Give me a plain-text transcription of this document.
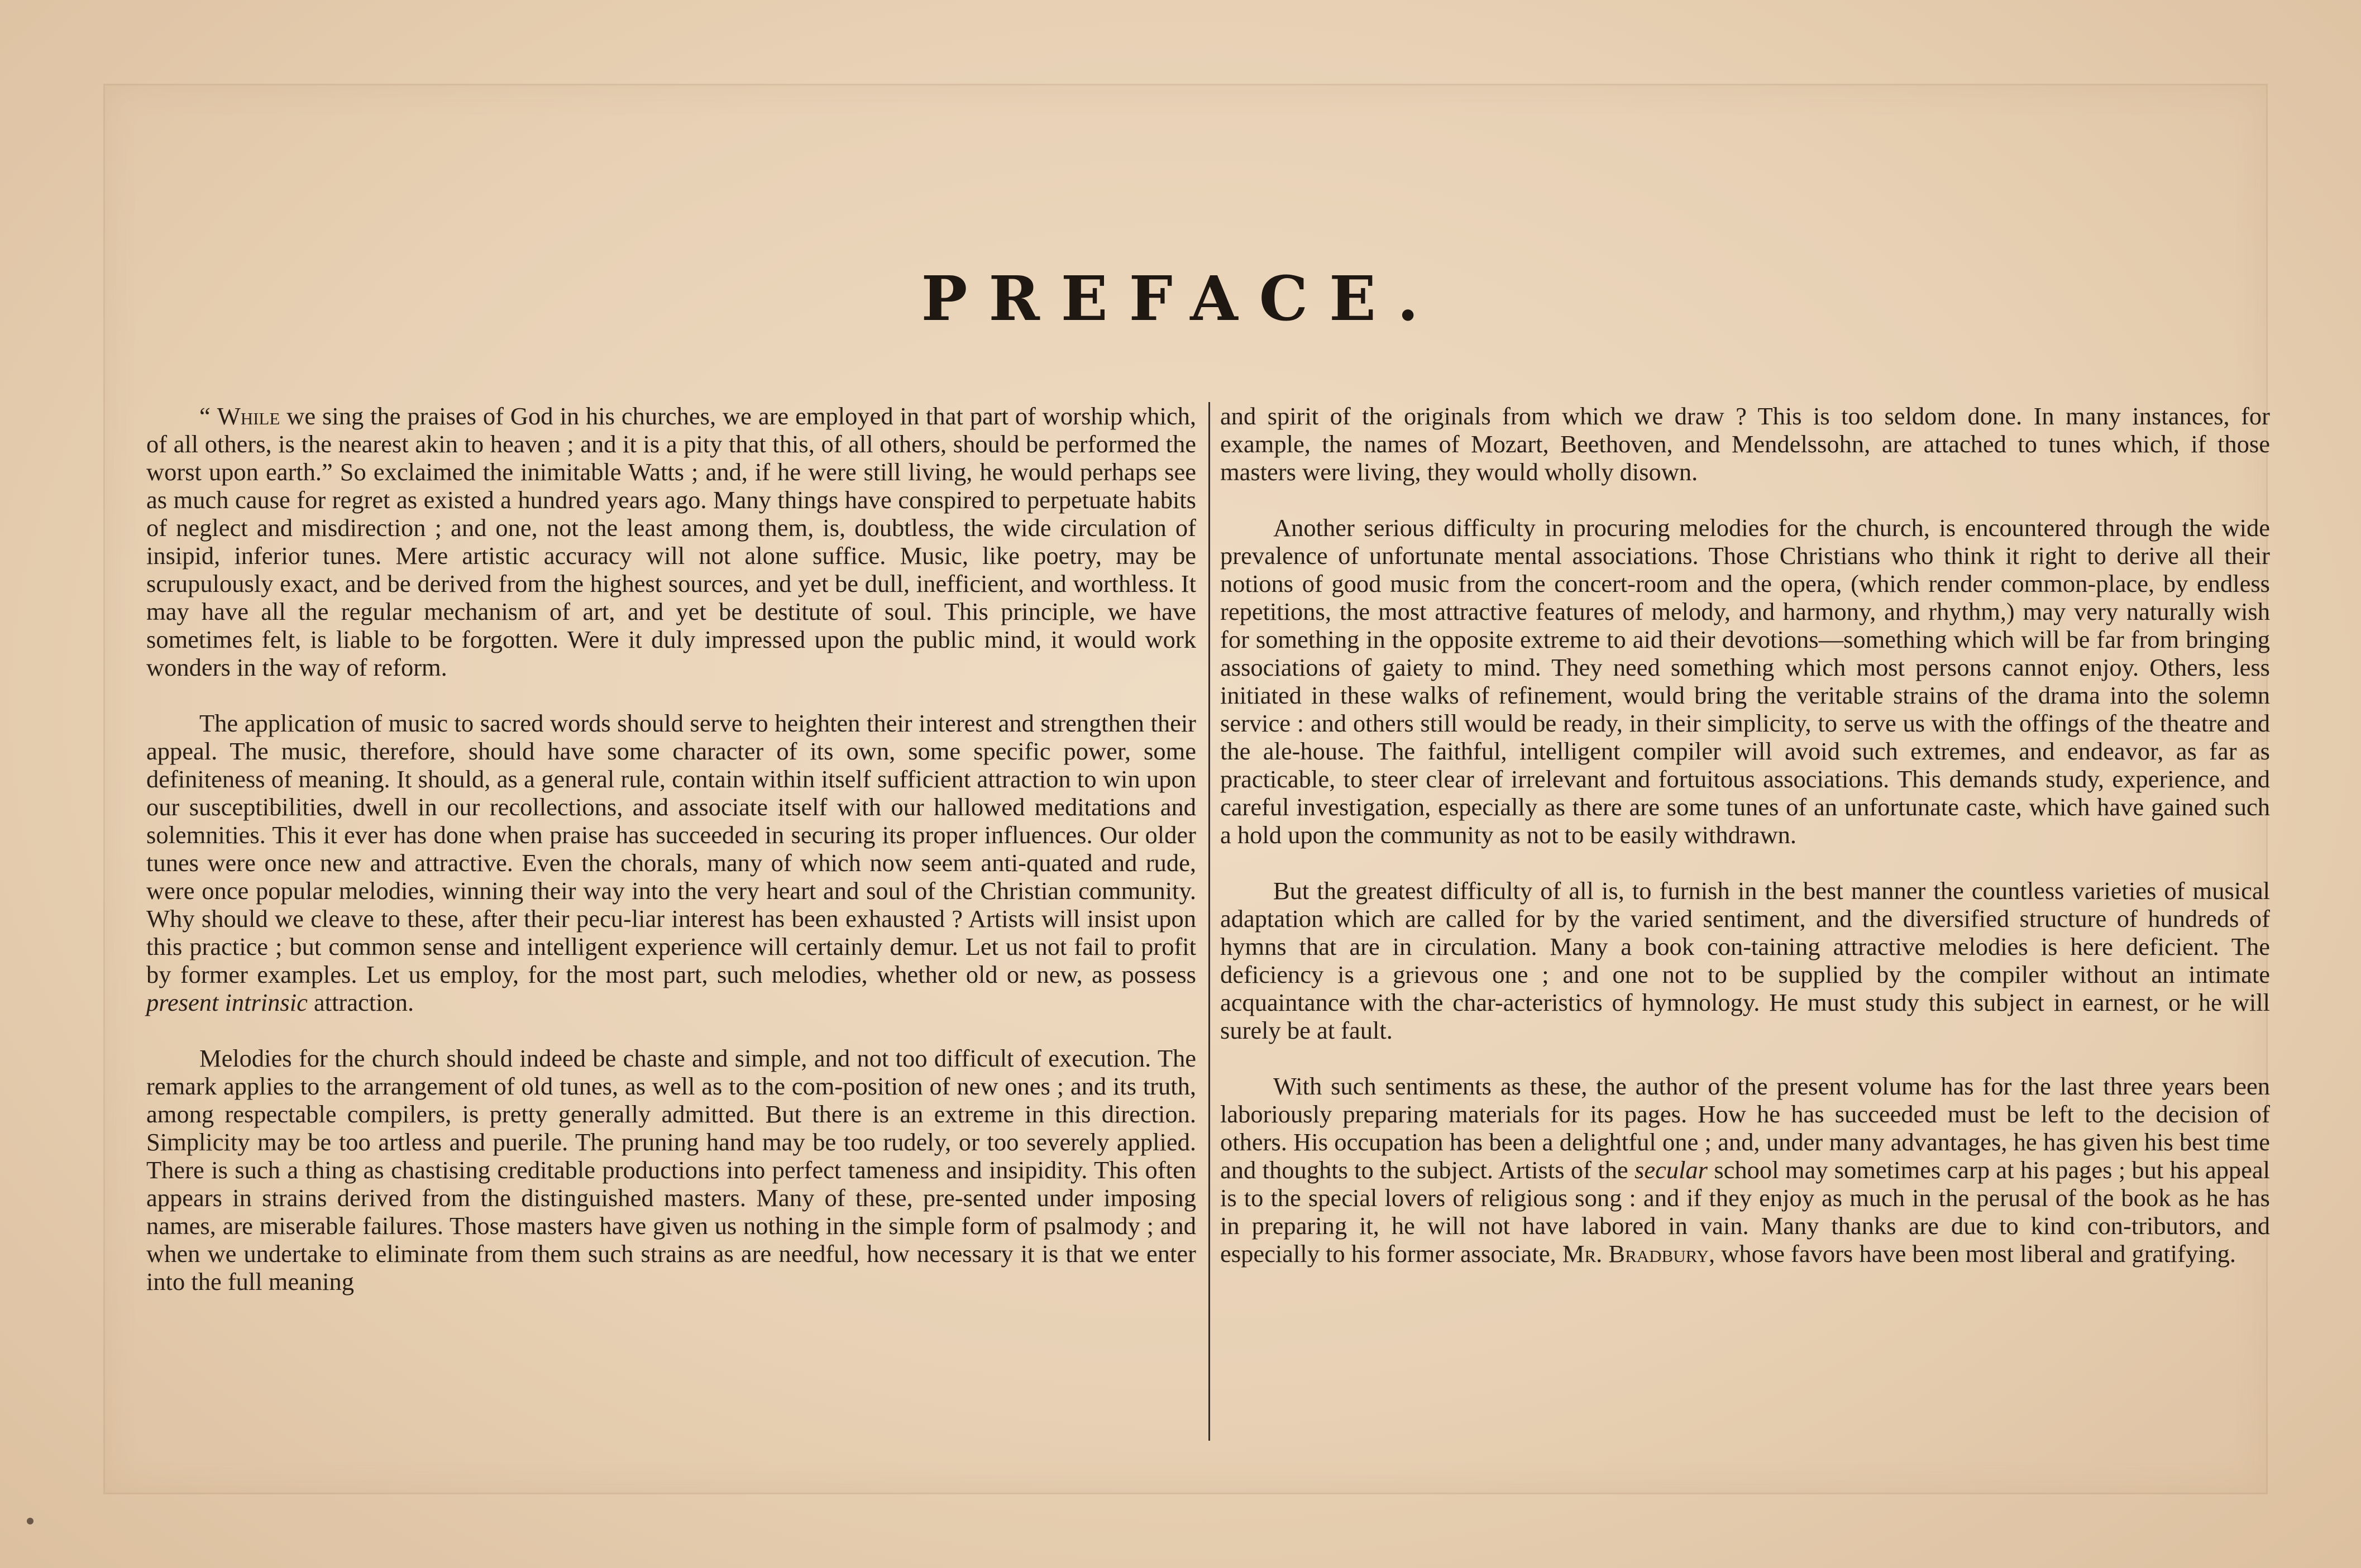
PREFACE.

“ While we sing the praises of God in his churches, we are employed in that part of worship which, of all others, is the nearest akin to heaven ; and it is a pity that this, of all others, should be performed the worst upon earth.” So exclaimed the inimitable Watts ; and, if he were still living, he would perhaps see as much cause for regret as existed a hundred years ago. Many things have conspired to perpetuate habits of neglect and misdirection ; and one, not the least among them, is, doubtless, the wide circulation of insipid, inferior tunes. Mere artistic accuracy will not alone suffice. Music, like poetry, may be scrupulously exact, and be derived from the highest sources, and yet be dull, inefficient, and worthless. It may have all the regular mechanism of art, and yet be destitute of soul. This principle, we have sometimes felt, is liable to be forgotten. Were it duly impressed upon the public mind, it would work wonders in the way of reform.

The application of music to sacred words should serve to heighten their interest and strengthen their appeal. The music, therefore, should have some character of its own, some specific power, some definiteness of meaning. It should, as a general rule, contain within itself sufficient attraction to win upon our susceptibilities, dwell in our recollections, and associate itself with our hallowed meditations and solemnities. This it ever has done when praise has succeeded in securing its proper influences. Our older tunes were once new and attractive. Even the chorals, many of which now seem anti-quated and rude, were once popular melodies, winning their way into the very heart and soul of the Christian community. Why should we cleave to these, after their pecu-liar interest has been exhausted ? Artists will insist upon this practice ; but common sense and intelligent experience will certainly demur. Let us not fail to profit by former examples. Let us employ, for the most part, such melodies, whether old or new, as possess present intrinsic attraction.

Melodies for the church should indeed be chaste and simple, and not too difficult of execution. The remark applies to the arrangement of old tunes, as well as to the com-position of new ones ; and its truth, among respectable compilers, is pretty generally admitted. But there is an extreme in this direction. Simplicity may be too artless and puerile. The pruning hand may be too rudely, or too severely applied. There is such a thing as chastising creditable productions into perfect tameness and insipidity. This often appears in strains derived from the distinguished masters. Many of these, pre-sented under imposing names, are miserable failures. Those masters have given us nothing in the simple form of psalmody ; and when we undertake to eliminate from them such strains as are needful, how necessary it is that we enter into the full meaning

and spirit of the originals from which we draw ? This is too seldom done. In many instances, for example, the names of Mozart, Beethoven, and Mendelssohn, are attached to tunes which, if those masters were living, they would wholly disown.

Another serious difficulty in procuring melodies for the church, is encountered through the wide prevalence of unfortunate mental associations. Those Christians who think it right to derive all their notions of good music from the concert-room and the opera, (which render common-place, by endless repetitions, the most attractive features of melody, and harmony, and rhythm,) may very naturally wish for something in the opposite extreme to aid their devotions—something which will be far from bringing associations of gaiety to mind. They need something which most persons cannot enjoy. Others, less initiated in these walks of refinement, would bring the veritable strains of the drama into the solemn service : and others still would be ready, in their simplicity, to serve us with the offings of the theatre and the ale-house. The faithful, intelligent compiler will avoid such extremes, and endeavor, as far as practicable, to steer clear of irrelevant and fortuitous associations. This demands study, experience, and careful investigation, especially as there are some tunes of an unfortunate caste, which have gained such a hold upon the community as not to be easily withdrawn.

But the greatest difficulty of all is, to furnish in the best manner the countless varieties of musical adaptation which are called for by the varied sentiment, and the diversified structure of hundreds of hymns that are in circulation. Many a book con-taining attractive melodies is here deficient. The deficiency is a grievous one ; and one not to be supplied by the compiler without an intimate acquaintance with the char-acteristics of hymnology. He must study this subject in earnest, or he will surely be at fault.

With such sentiments as these, the author of the present volume has for the last three years been laboriously preparing materials for its pages. How he has succeeded must be left to the decision of others. His occupation has been a delightful one ; and, under many advantages, he has given his best time and thoughts to the subject. Artists of the secular school may sometimes carp at his pages ; but his appeal is to the special lovers of religious song : and if they enjoy as much in the perusal of the book as he has in preparing it, he will not have labored in vain. Many thanks are due to kind con-tributors, and especially to his former associate, Mr. Bradbury, whose favors have been most liberal and gratifying.
